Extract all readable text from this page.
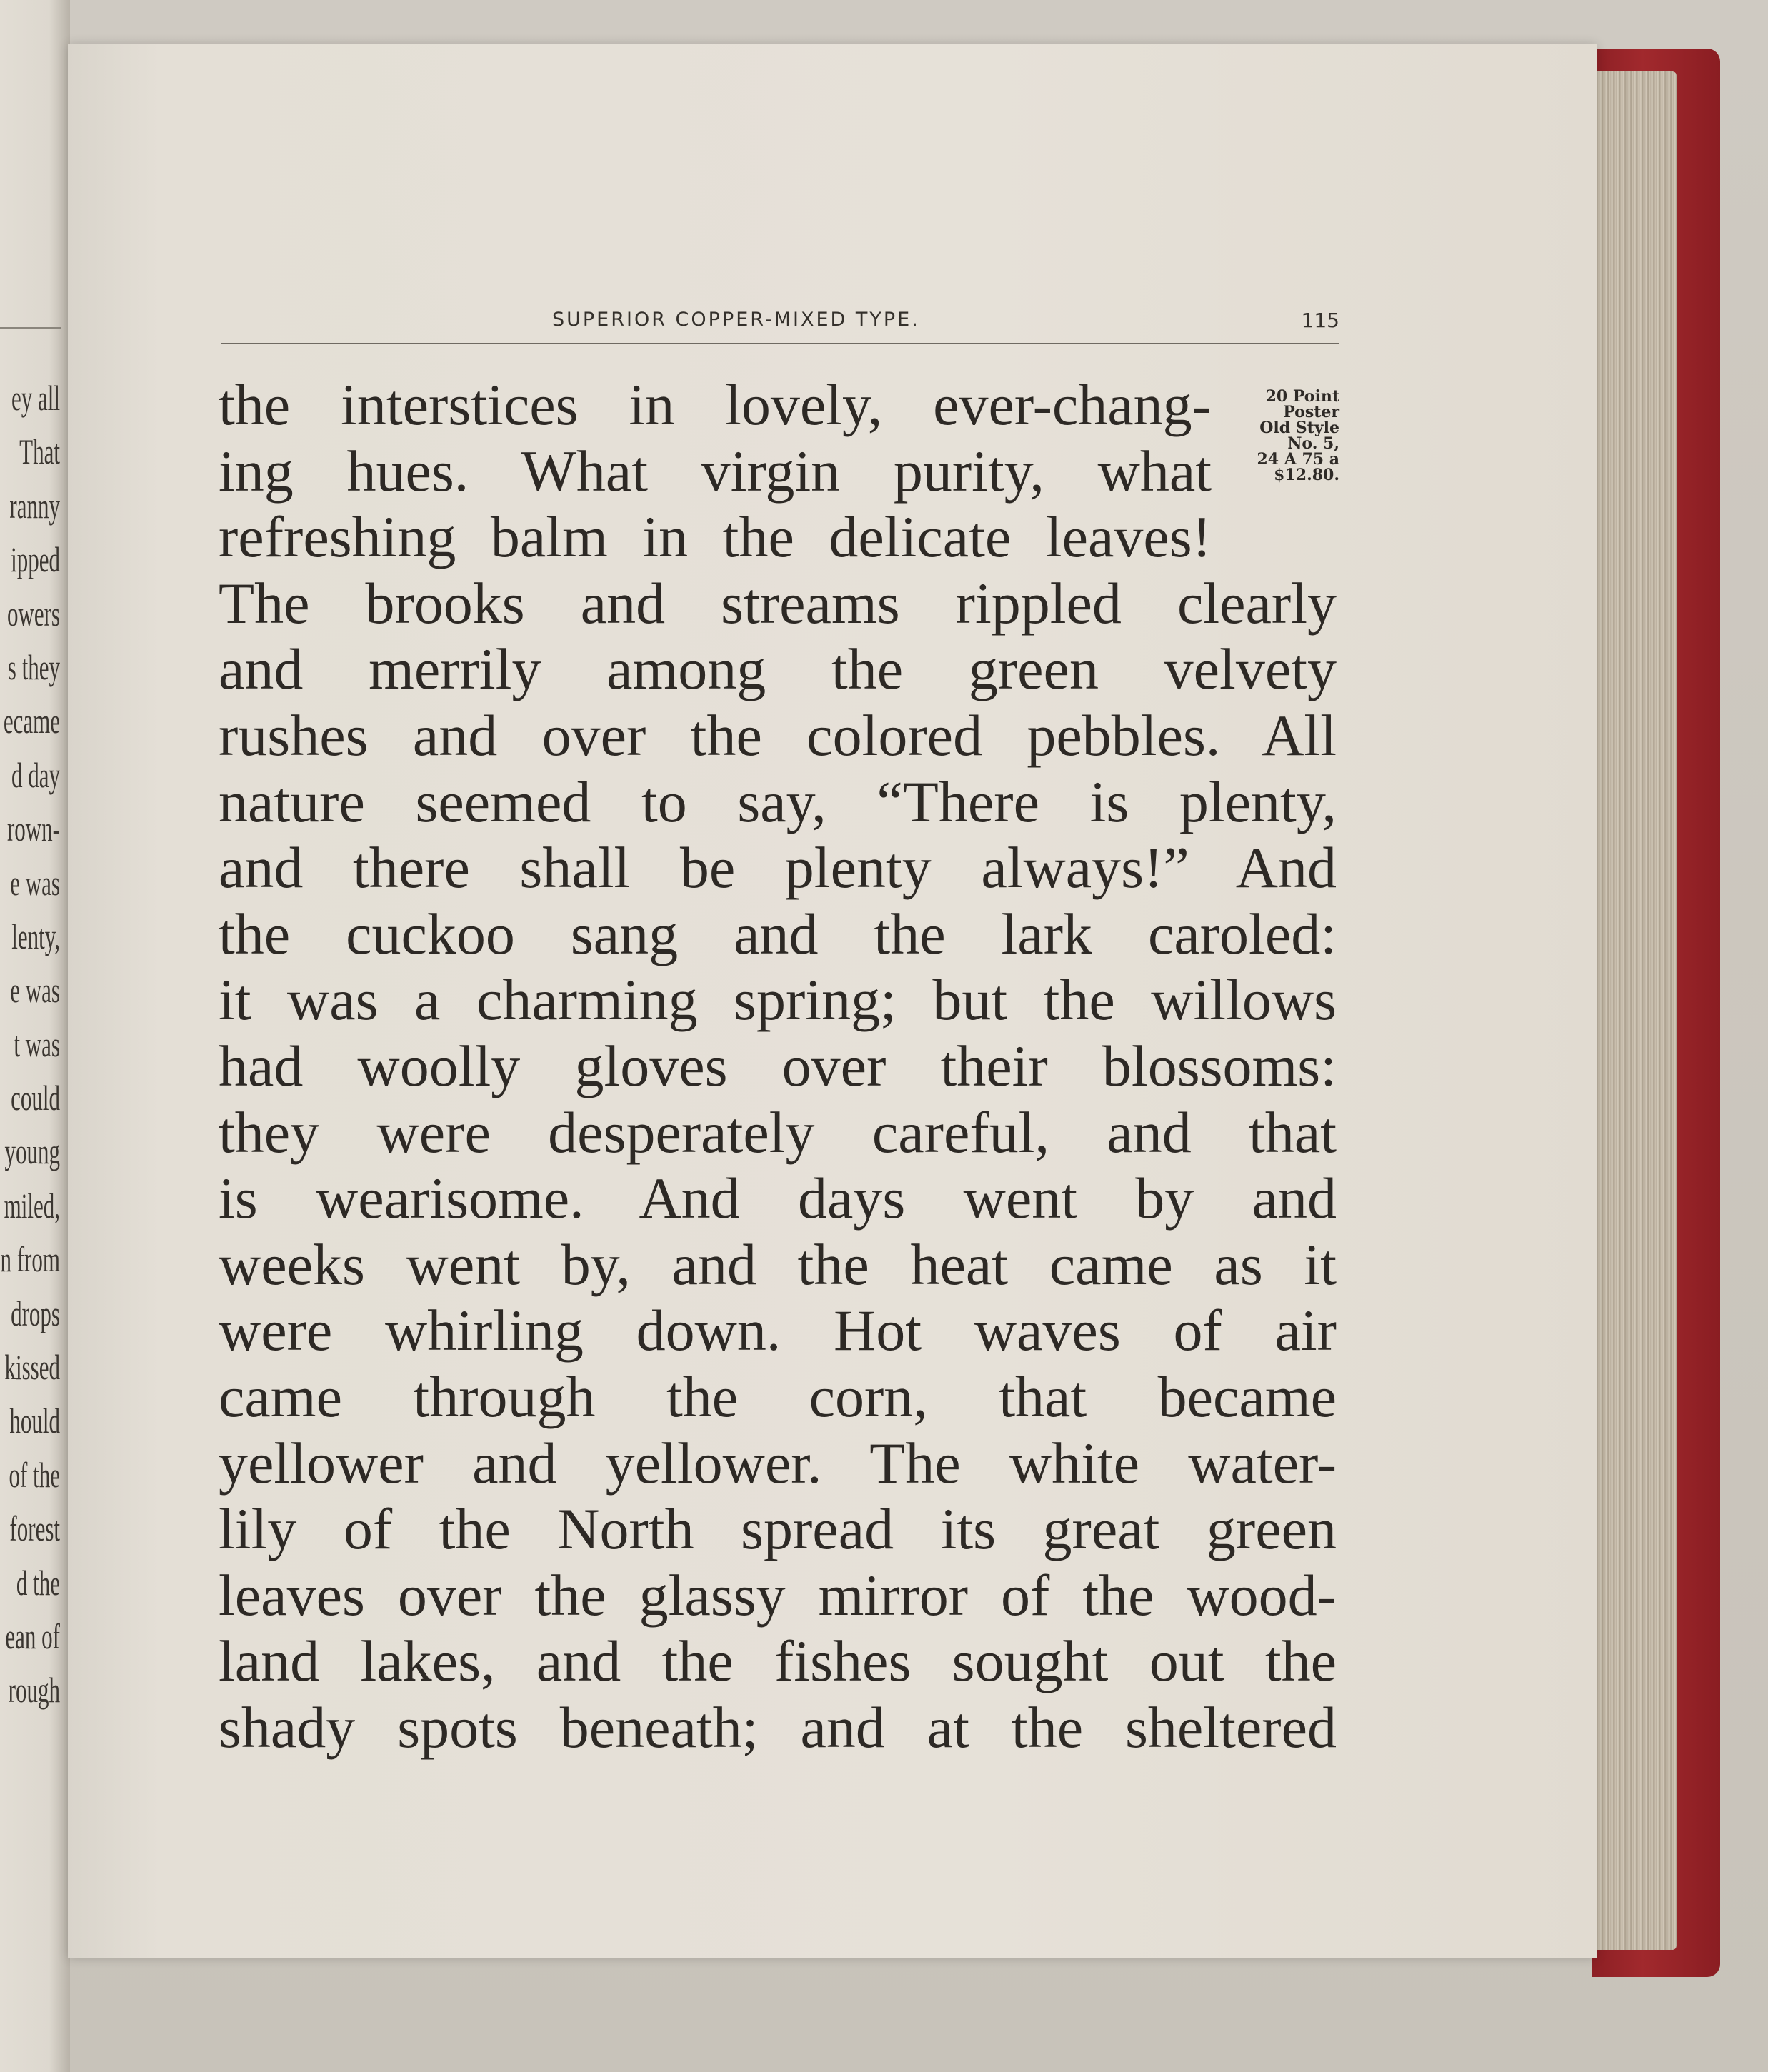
ey all
That
ranny
ipped
owers
s they
ecame
d day
rown-
e was
lenty,
e was
t was
could
young
miled,
n from
drops
kissed
hould
of the
forest
d the
ean of
rough
SUPERIOR COPPER-MIXED TYPE.	115
20 Point
Poster
Old Style
No. 5,
24 A 75 a
$12.80.
the interstices in lovely, ever-chang-
ing hues. What virgin purity, what
refreshing balm in the delicate leaves!
The brooks and streams rippled clearly
and merrily among the green velvety
rushes and over the colored pebbles. All
nature seemed to say, “There is plenty,
and there shall be plenty always!” And
the cuckoo sang and the lark caroled:
it was a charming spring; but the willows
had woolly gloves over their blossoms:
they were desperately careful, and that
is wearisome. And days went by and
weeks went by, and the heat came as it
were whirling down. Hot waves of air
came through the corn, that became
yellower and yellower. The white water-
lily of the North spread its great green
leaves over the glassy mirror of the wood-
land lakes, and the fishes sought out the
shady spots beneath; and at the sheltered
